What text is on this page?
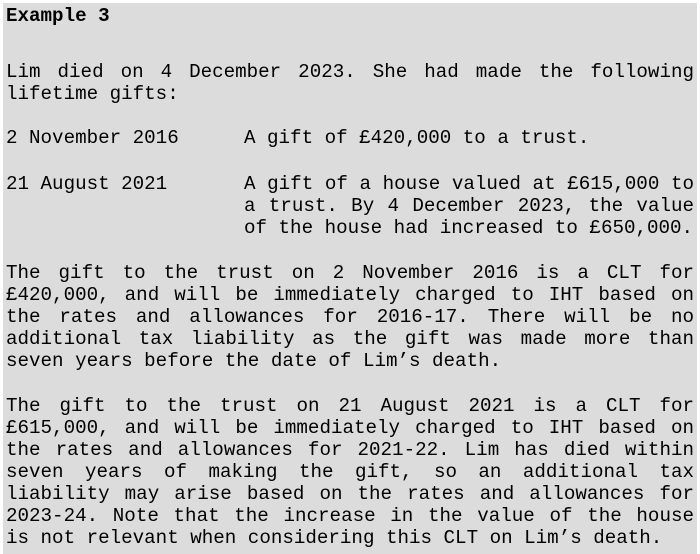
Example 3

Lim died on 4 December 2023. She had made the following lifetime gifts:

2 November 2016	A gift of £420,000 to a trust.
21 August 2021	A gift of a house valued at £615,000 to a trust. By 4 December 2023, the value of the house had increased to £650,000.

The gift to the trust on 2 November 2016 is a CLT for £420,000, and will be immediately charged to IHT based on the rates and allowances for 2016-17. There will be no additional tax liability as the gift was made more than seven years before the date of Lim’s death.

The gift to the trust on 21 August 2021 is a CLT for £615,000, and will be immediately charged to IHT based on the rates and allowances for 2021-22. Lim has died within seven years of making the gift, so an additional tax liability may arise based on the rates and allowances for 2023-24. Note that the increase in the value of the house is not relevant when considering this CLT on Lim’s death.
